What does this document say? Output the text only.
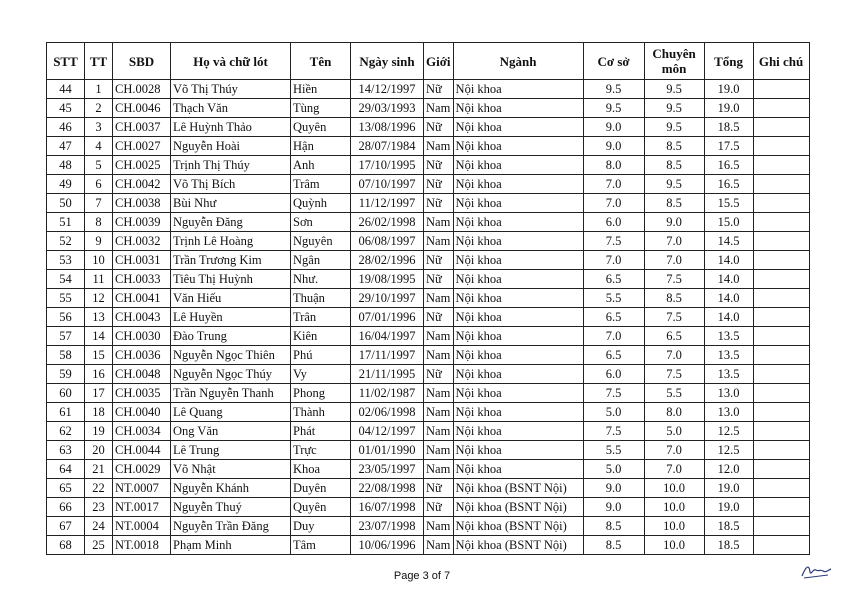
STT	TT	SBD	Họ và chữ lót	Tên	Ngày sinh	Giới	Ngành	Cơ sở	Chuyên môn	Tổng	Ghi chú
44	1	CH.0028	Võ Thị Thúy	Hiền	14/12/1997	Nữ	Nội khoa	9.5	9.5	19.0	
45	2	CH.0046	Thạch Văn	Tùng	29/03/1993	Nam	Nội khoa	9.5	9.5	19.0	
46	3	CH.0037	Lê Huỳnh Thảo	Quyên	13/08/1996	Nữ	Nội khoa	9.0	9.5	18.5	
47	4	CH.0027	Nguyễn Hoài	Hận	28/07/1984	Nam	Nội khoa	9.0	8.5	17.5	
48	5	CH.0025	Trịnh Thị Thúy	Anh	17/10/1995	Nữ	Nội khoa	8.0	8.5	16.5	
49	6	CH.0042	Võ Thị Bích	Trâm	07/10/1997	Nữ	Nội khoa	7.0	9.5	16.5	
50	7	CH.0038	Bùi Như	Quỳnh	11/12/1997	Nữ	Nội khoa	7.0	8.5	15.5	
51	8	CH.0039	Nguyễn Đăng	Sơn	26/02/1998	Nam	Nội khoa	6.0	9.0	15.0	
52	9	CH.0032	Trịnh Lê Hoàng	Nguyên	06/08/1997	Nam	Nội khoa	7.5	7.0	14.5	
53	10	CH.0031	Trần Trương Kim	Ngân	28/02/1996	Nữ	Nội khoa	7.0	7.0	14.0	
54	11	CH.0033	Tiêu Thị Huỳnh	Như.	19/08/1995	Nữ	Nội khoa	6.5	7.5	14.0	
55	12	CH.0041	Văn Hiếu	Thuận	29/10/1997	Nam	Nội khoa	5.5	8.5	14.0	
56	13	CH.0043	Lê Huyền	Trân	07/01/1996	Nữ	Nội khoa	6.5	7.5	14.0	
57	14	CH.0030	Đào Trung	Kiên	16/04/1997	Nam	Nội khoa	7.0	6.5	13.5	
58	15	CH.0036	Nguyễn Ngọc Thiên	Phú	17/11/1997	Nam	Nội khoa	6.5	7.0	13.5	
59	16	CH.0048	Nguyễn Ngọc Thúy	Vy	21/11/1995	Nữ	Nội khoa	6.0	7.5	13.5	
60	17	CH.0035	Trần Nguyễn Thanh	Phong	11/02/1987	Nam	Nội khoa	7.5	5.5	13.0	
61	18	CH.0040	Lê Quang	Thành	02/06/1998	Nam	Nội khoa	5.0	8.0	13.0	
62	19	CH.0034	Ong Văn	Phát	04/12/1997	Nam	Nội khoa	7.5	5.0	12.5	
63	20	CH.0044	Lê Trung	Trực	01/01/1990	Nam	Nội khoa	5.5	7.0	12.5	
64	21	CH.0029	Võ Nhật	Khoa	23/05/1997	Nam	Nội khoa	5.0	7.0	12.0	
65	22	NT.0007	Nguyễn Khánh	Duyên	22/08/1998	Nữ	Nội khoa (BSNT Nội)	9.0	10.0	19.0	
66	23	NT.0017	Nguyễn Thuý	Quyên	16/07/1998	Nữ	Nội khoa (BSNT Nội)	9.0	10.0	19.0	
67	24	NT.0004	Nguyễn Trần Đăng	Duy	23/07/1998	Nam	Nội khoa (BSNT Nội)	8.5	10.0	18.5	
68	25	NT.0018	Phạm Minh	Tâm	10/06/1996	Nam	Nội khoa (BSNT Nội)	8.5	10.0	18.5	
Page 3 of 7
